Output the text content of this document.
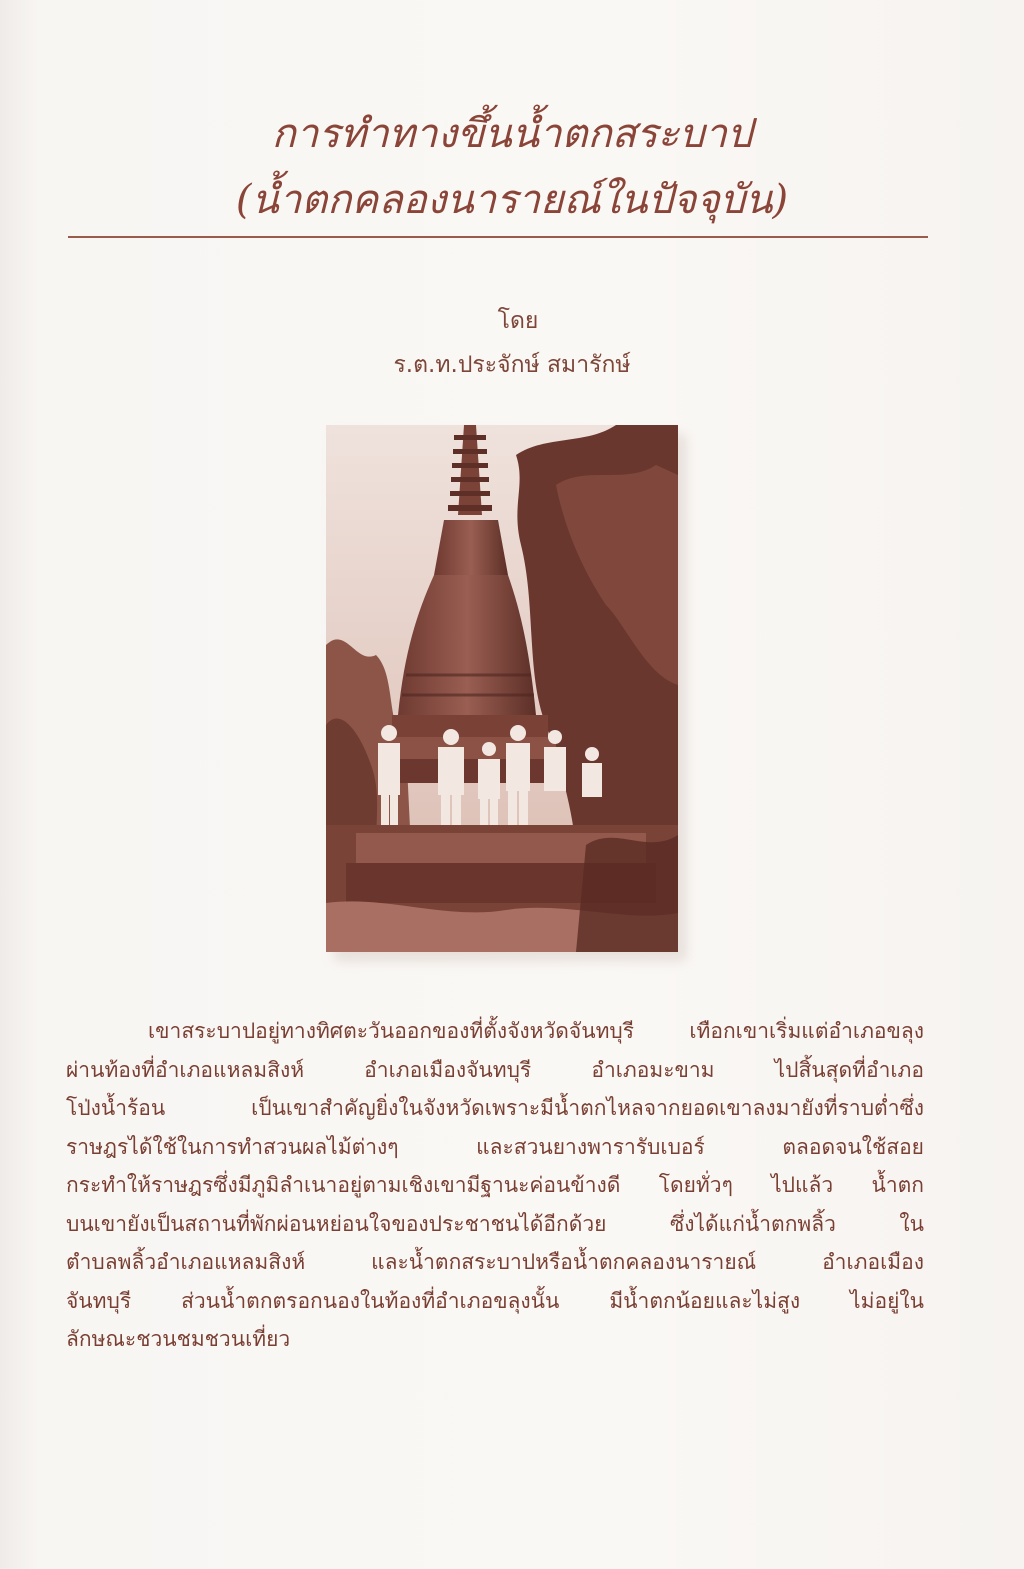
การทำทางขึ้นน้ำตกสระบาป
(น้ำตกคลองนารายณ์ในปัจจุบัน)
โดย
ร.ต.ท.ประจักษ์ สมารักษ์
เขาสระบาปอยู่ทางทิศตะวันออกของที่ตั้งจังหวัดจันทบุรี เทือกเขาเริ่มแต่อำเภอขลุง
ผ่านท้องที่อำเภอแหลมสิงห์ อำเภอเมืองจันทบุรี อำเภอมะขาม ไปสิ้นสุดที่อำเภอ
โป่งน้ำร้อน เป็นเขาสำคัญยิ่งในจังหวัดเพราะมีน้ำตกไหลจากยอดเขาลงมายังที่ราบต่ำซึ่ง
ราษฎรได้ใช้ในการทำสวนผลไม้ต่างๆ และสวนยางพารารับเบอร์ ตลอดจนใช้สอย
กระทำให้ราษฎรซึ่งมีภูมิลำเนาอยู่ตามเชิงเขามีฐานะค่อนข้างดี โดยทั่วๆ ไปแล้ว น้ำตก
บนเขายังเป็นสถานที่พักผ่อนหย่อนใจของประชาชนได้อีกด้วย ซึ่งได้แก่น้ำตกพลิ้ว ใน
ตำบลพลิ้วอำเภอแหลมสิงห์ และน้ำตกสระบาปหรือน้ำตกคลองนารายณ์ อำเภอเมือง
จันทบุรี ส่วนน้ำตกตรอกนองในท้องที่อำเภอขลุงนั้น มีน้ำตกน้อยและไม่สูง ไม่อยู่ใน
ลักษณะชวนชมชวนเที่ยว
